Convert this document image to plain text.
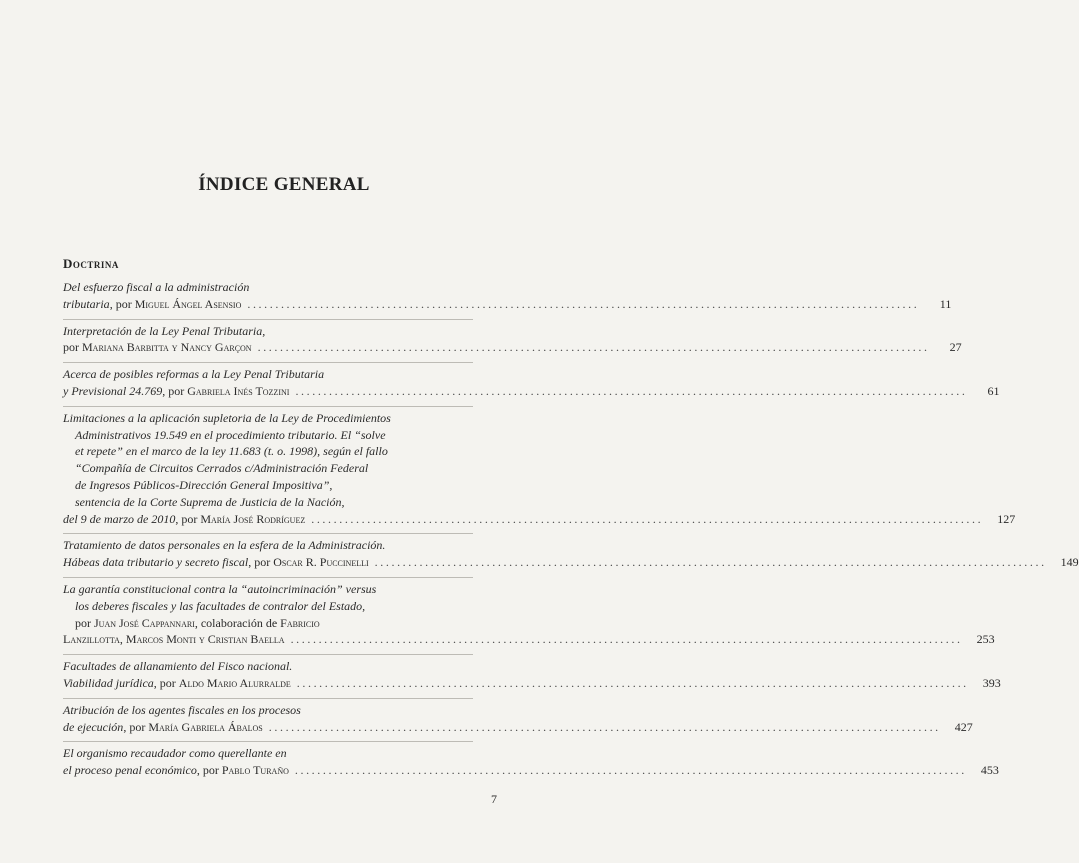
ÍNDICE GENERAL
Doctrina
Del esfuerzo fiscal a la administración
tributaria, por Miguel Ángel Asensio ........................................................................................................................	11
Interpretación de la Ley Penal Tributaria,
por Mariana Barbitta y Nancy Garçon ........................................................................................................................	27
Acerca de posibles reformas a la Ley Penal Tributaria
y Previsional 24.769, por Gabriela Inés Tozzini ........................................................................................................................	61
Limitaciones a la aplicación supletoria de la Ley de Procedimientos
Administrativos 19.549 en el procedimiento tributario. El “solve
et repete” en el marco de la ley 11.683 (t. o. 1998), según el fallo
“Compañía de Circuitos Cerrados c/Administración Federal
de Ingresos Públicos-Dirección General Impositiva”,
sentencia de la Corte Suprema de Justicia de la Nación,
del 9 de marzo de 2010, por María José Rodríguez ........................................................................................................................	127
Tratamiento de datos personales en la esfera de la Administración.
Hábeas data tributario y secreto fiscal, por Oscar R. Puccinelli ........................................................................................................................	149
La garantía constitucional contra la “autoincriminación” versus
los deberes fiscales y las facultades de contralor del Estado,
por Juan José Cappannari, colaboración de Fabricio
Lanzillotta, Marcos Monti y Cristian Baella ........................................................................................................................	253
Facultades de allanamiento del Fisco nacional.
Viabilidad jurídica, por Aldo Mario Alurralde ........................................................................................................................	393
Atribución de los agentes fiscales en los procesos
de ejecución, por María Gabriela Ábalos ........................................................................................................................	427
El organismo recaudador como querellante en
el proceso penal económico, por Pablo Turaño ........................................................................................................................	453
7
